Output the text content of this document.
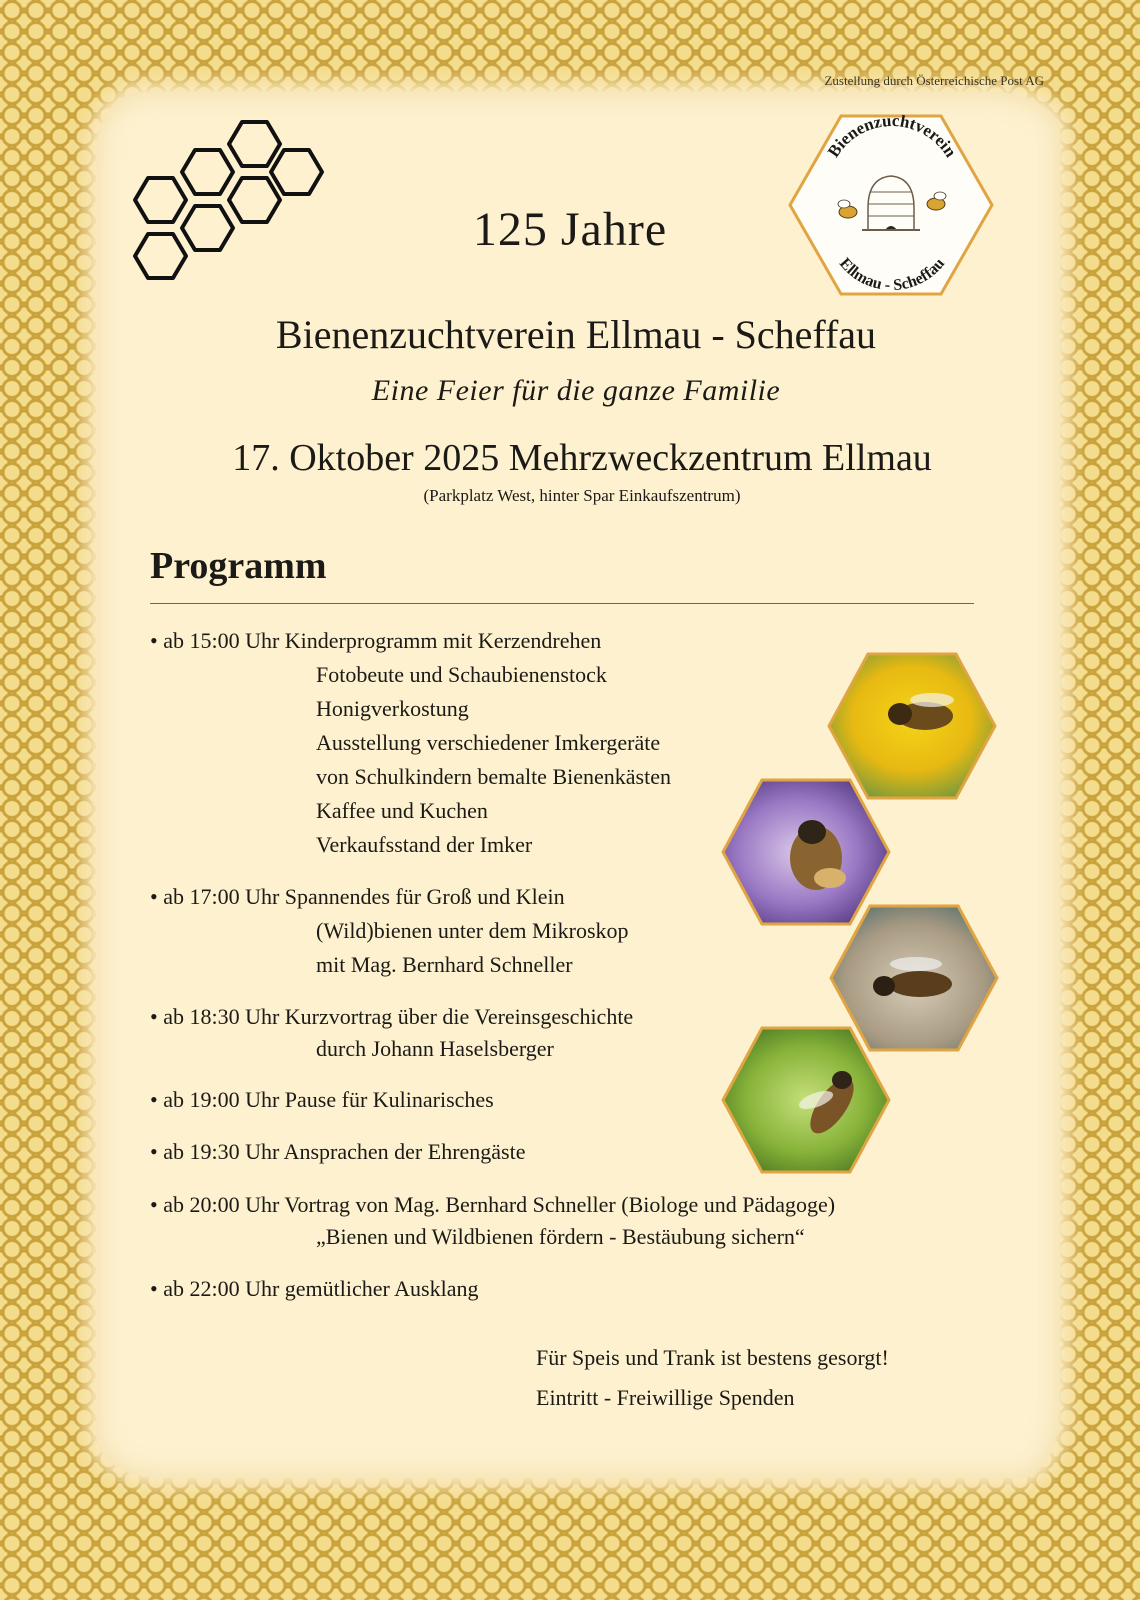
Zustellung durch Österreichische Post AG
Bienenzuchtverein
Ellmau - Scheffau
125 Jahre
Bienenzuchtverein Ellmau - Scheffau
Eine Feier für die ganze Familie
17. Oktober 2025 Mehrzweckzentrum Ellmau
(Parkplatz West, hinter Spar Einkaufszentrum)
Programm
• ab 15:00 Uhr Kinderprogramm mit Kerzendrehen
Fotobeute und Schaubienenstock
Honigverkostung
Ausstellung verschiedener Imkergeräte
von Schulkindern bemalte Bienenkästen
Kaffee und Kuchen
Verkaufsstand der Imker
• ab 17:00 Uhr Spannendes für Groß und Klein
(Wild)bienen unter dem Mikroskop
mit Mag. Bernhard Schneller
• ab 18:30 Uhr Kurzvortrag über die Vereinsgeschichte
durch Johann Haselsberger
• ab 19:00 Uhr Pause für Kulinarisches
• ab 19:30 Uhr Ansprachen der Ehrengäste
• ab 20:00 Uhr Vortrag von Mag. Bernhard Schneller (Biologe und Pädagoge)
„Bienen und Wildbienen fördern - Bestäubung sichern“
• ab 22:00 Uhr gemütlicher Ausklang
Für Speis und Trank ist bestens gesorgt!
Eintritt - Freiwillige Spenden
